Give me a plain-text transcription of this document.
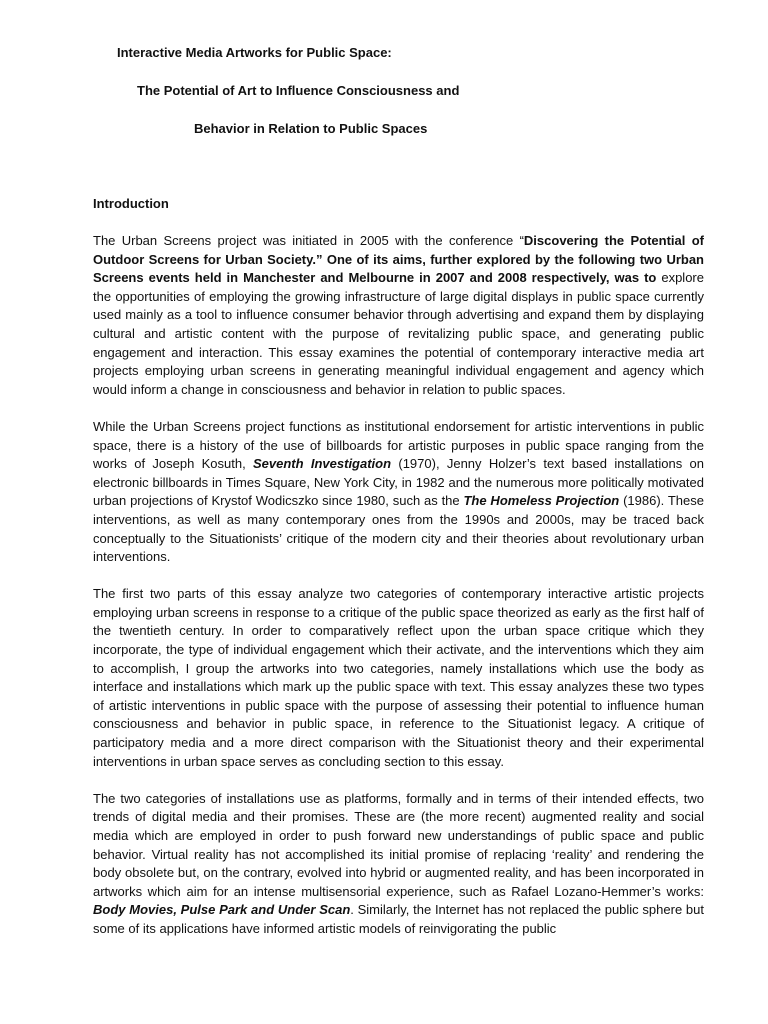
Interactive Media Artworks for Public Space:
The Potential of Art to Influence Consciousness and
Behavior in Relation to Public Spaces
Introduction

The Urban Screens project was initiated in 2005 with the conference “Discovering the Potential of Outdoor Screens for Urban Society.” One of its aims, further explored by the following two Urban Screens events held in Manchester and Melbourne in 2007 and 2008 respectively, was to explore the opportunities of employing the growing infrastructure of large digital displays in public space currently used mainly as a tool to influence consumer behavior through advertising and expand them by displaying cultural and artistic content with the purpose of revitalizing public space, and generating public engagement and interaction. This essay examines the potential of contemporary interactive media art projects employing urban screens in generating meaningful individual engagement and agency which would inform a change in consciousness and behavior in relation to public spaces.

While the Urban Screens project functions as institutional endorsement for artistic interventions in public space, there is a history of the use of billboards for artistic purposes in public space ranging from the works of Joseph Kosuth, Seventh Investigation (1970), Jenny Holzer’s text based installations on electronic billboards in Times Square, New York City, in 1982 and the numerous more politically motivated urban projections of Krystof Wodicszko since 1980, such as the The Homeless Projection (1986). These interventions, as well as many contemporary ones from the 1990s and 2000s, may be traced back conceptually to the Situationists’ critique of the modern city and their theories about revolutionary urban interventions.

The first two parts of this essay analyze two categories of contemporary interactive artistic projects employing urban screens in response to a critique of the public space theorized as early as the first half of the twentieth century. In order to comparatively reflect upon the urban space critique which they incorporate, the type of individual engagement which their activate, and the interventions which they aim to accomplish, I group the artworks into two categories, namely installations which use the body as interface and installations which mark up the public space with text. This essay analyzes these two types of artistic interventions in public space with the purpose of assessing their potential to influence human consciousness and behavior in public space, in reference to the Situationist legacy. A critique of participatory media and a more direct comparison with the Situationist theory and their experimental interventions in urban space serves as concluding section to this essay.

The two categories of installations use as platforms, formally and in terms of their intended effects, two trends of digital media and their promises. These are (the more recent) augmented reality and social media which are employed in order to push forward new understandings of public space and public behavior. Virtual reality has not accomplished its initial promise of replacing ‘reality’ and rendering the body obsolete but, on the contrary, evolved into hybrid or augmented reality, and has been incorporated in artworks which aim for an intense multisensorial experience, such as Rafael Lozano-Hemmer’s works: Body Movies, Pulse Park and Under Scan. Similarly, the Internet has not replaced the public sphere but some of its applications have informed artistic models of reinvigorating the public
